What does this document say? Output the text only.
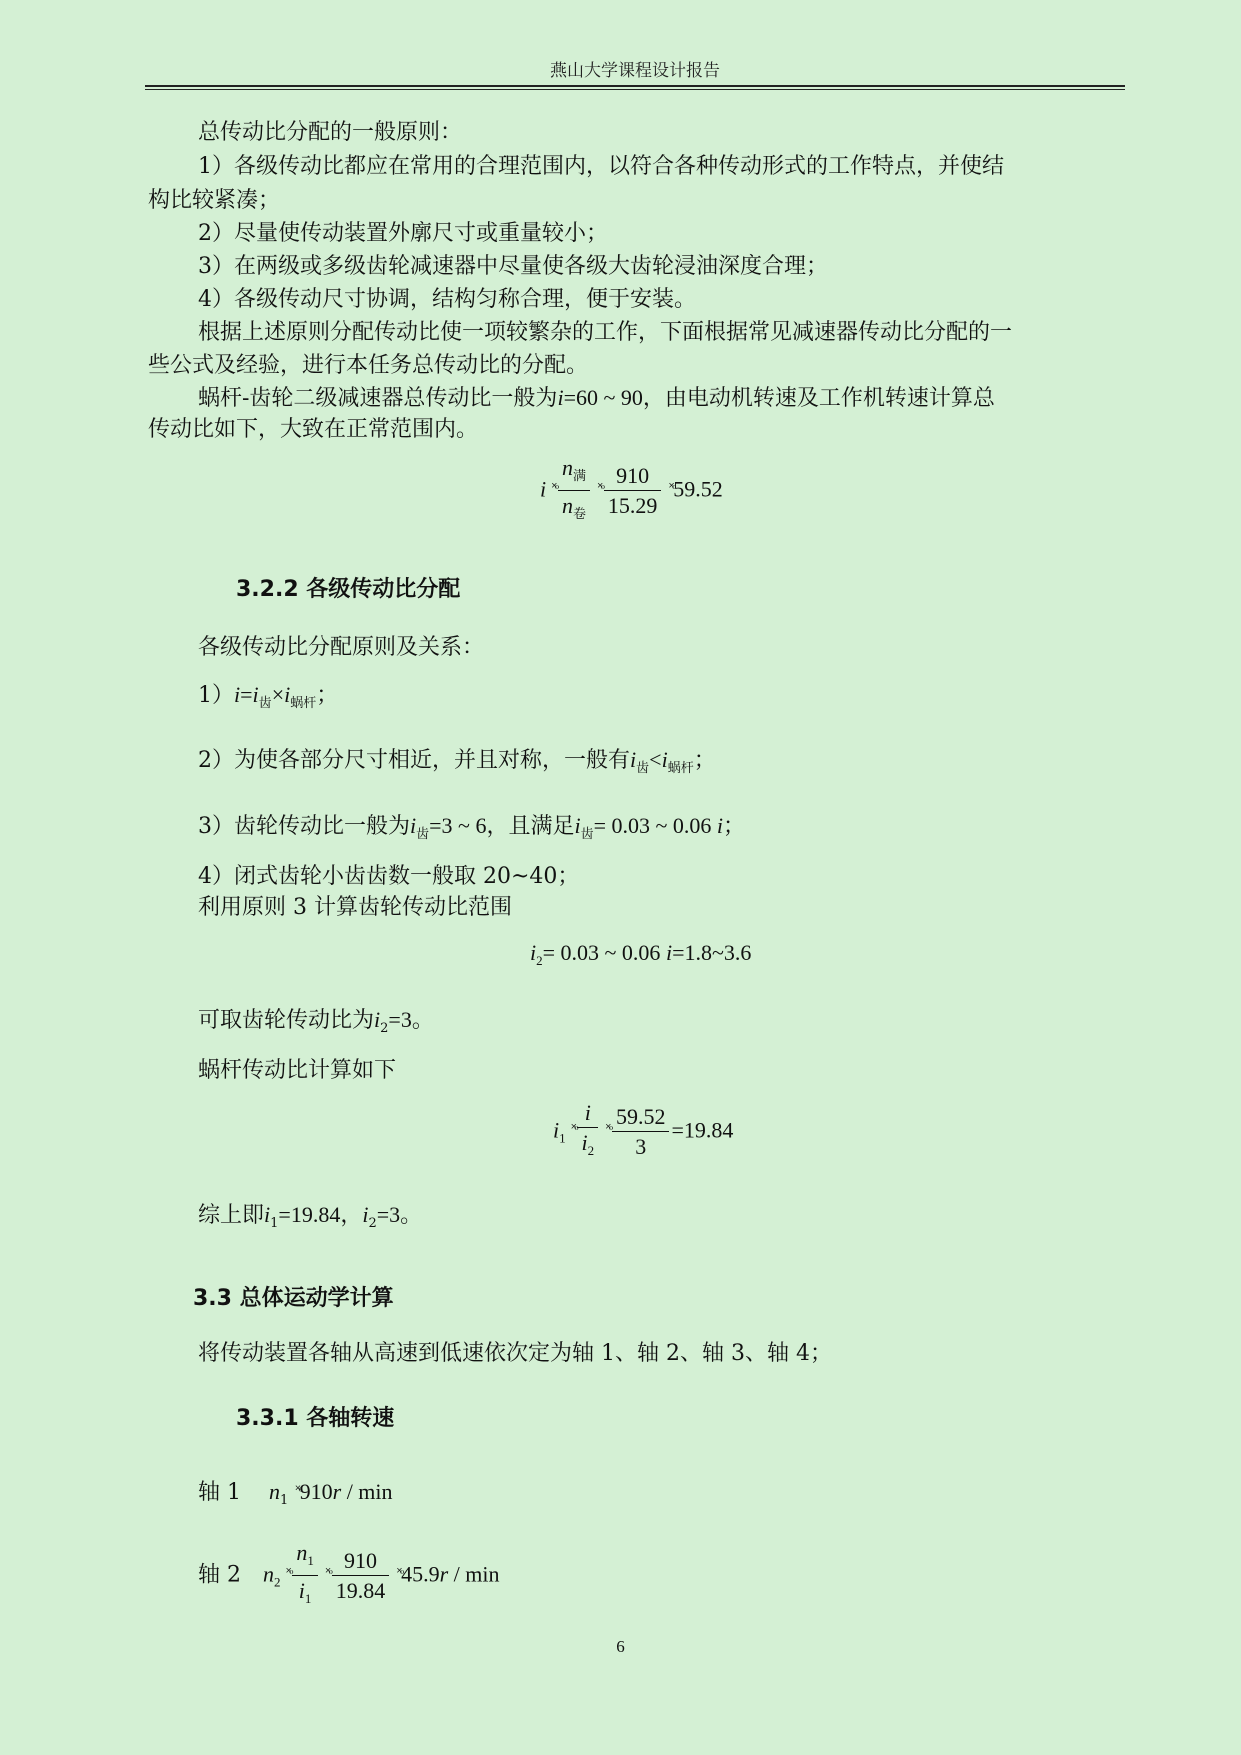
燕山大学课程设计报告
总传动比分配的一般原则：
1）各级传动比都应在常用的合理范围内，以符合各种传动形式的工作特点，并使结
构比较紧凑；
2）尽量使传动装置外廓尺寸或重量较小；
3）在两级或多级齿轮减速器中尽量使各级大齿轮浸油深度合理；
4）各级传动尺寸协调，结构匀称合理，便于安装。
根据上述原则分配传动比使一项较繁杂的工作，下面根据常见减速器传动比分配的一
些公式及经验，进行本任务总传动比的分配。
蜗杆-齿轮二级减速器总传动比一般为i=60 ~ 90，由电动机转速及工作机转速计算总
传动比如下，大致在正常范围内。
i ˟ͦ $\frac{n_满}{n_卷}$ ˟ͦ $\frac{910}{15.29}$ ˟ͦ59.52
3.2.2 各级传动比分配
各级传动比分配原则及关系：
$1)i=i_齿\times i_{蜗杆}$；
2）为使各部分尺寸相近，并且对称，一般有$i_齿<i_{蜗杆}$；
3）齿轮传动比一般为$i_齿=3$ ~ 6，且满足$i_齿= 0.03$ ~ 0.06 i；
4）闭式齿轮小齿齿数一般取 20~40；
利用原则 3 计算齿轮传动比范围
$i_2= 0.03$ ~ 0.06 i=1.8~3.6
可取齿轮传动比为$i_2=3$。
蜗杆传动比计算如下
$i_1$ ˟ͦ $\frac{i}{i_2}$ ˟ͦ $\frac{59.52}{3} =19.84$
综上即$i_1=19.84$，$i_2=3$。
3.3 总体运动学计算
将传动装置各轴从高速到低速依次定为轴 1、轴 2、轴 3、轴 4；
3.3.1 各轴转速
轴 1 $n_1$ ˟ͦ910r / min
轴 2 $n_2$ ˟ͦ $\frac{n_1}{i_1}$ ˟ͦ $\frac{910}{19.84}$ ˟ͦ45.9r / min
6
